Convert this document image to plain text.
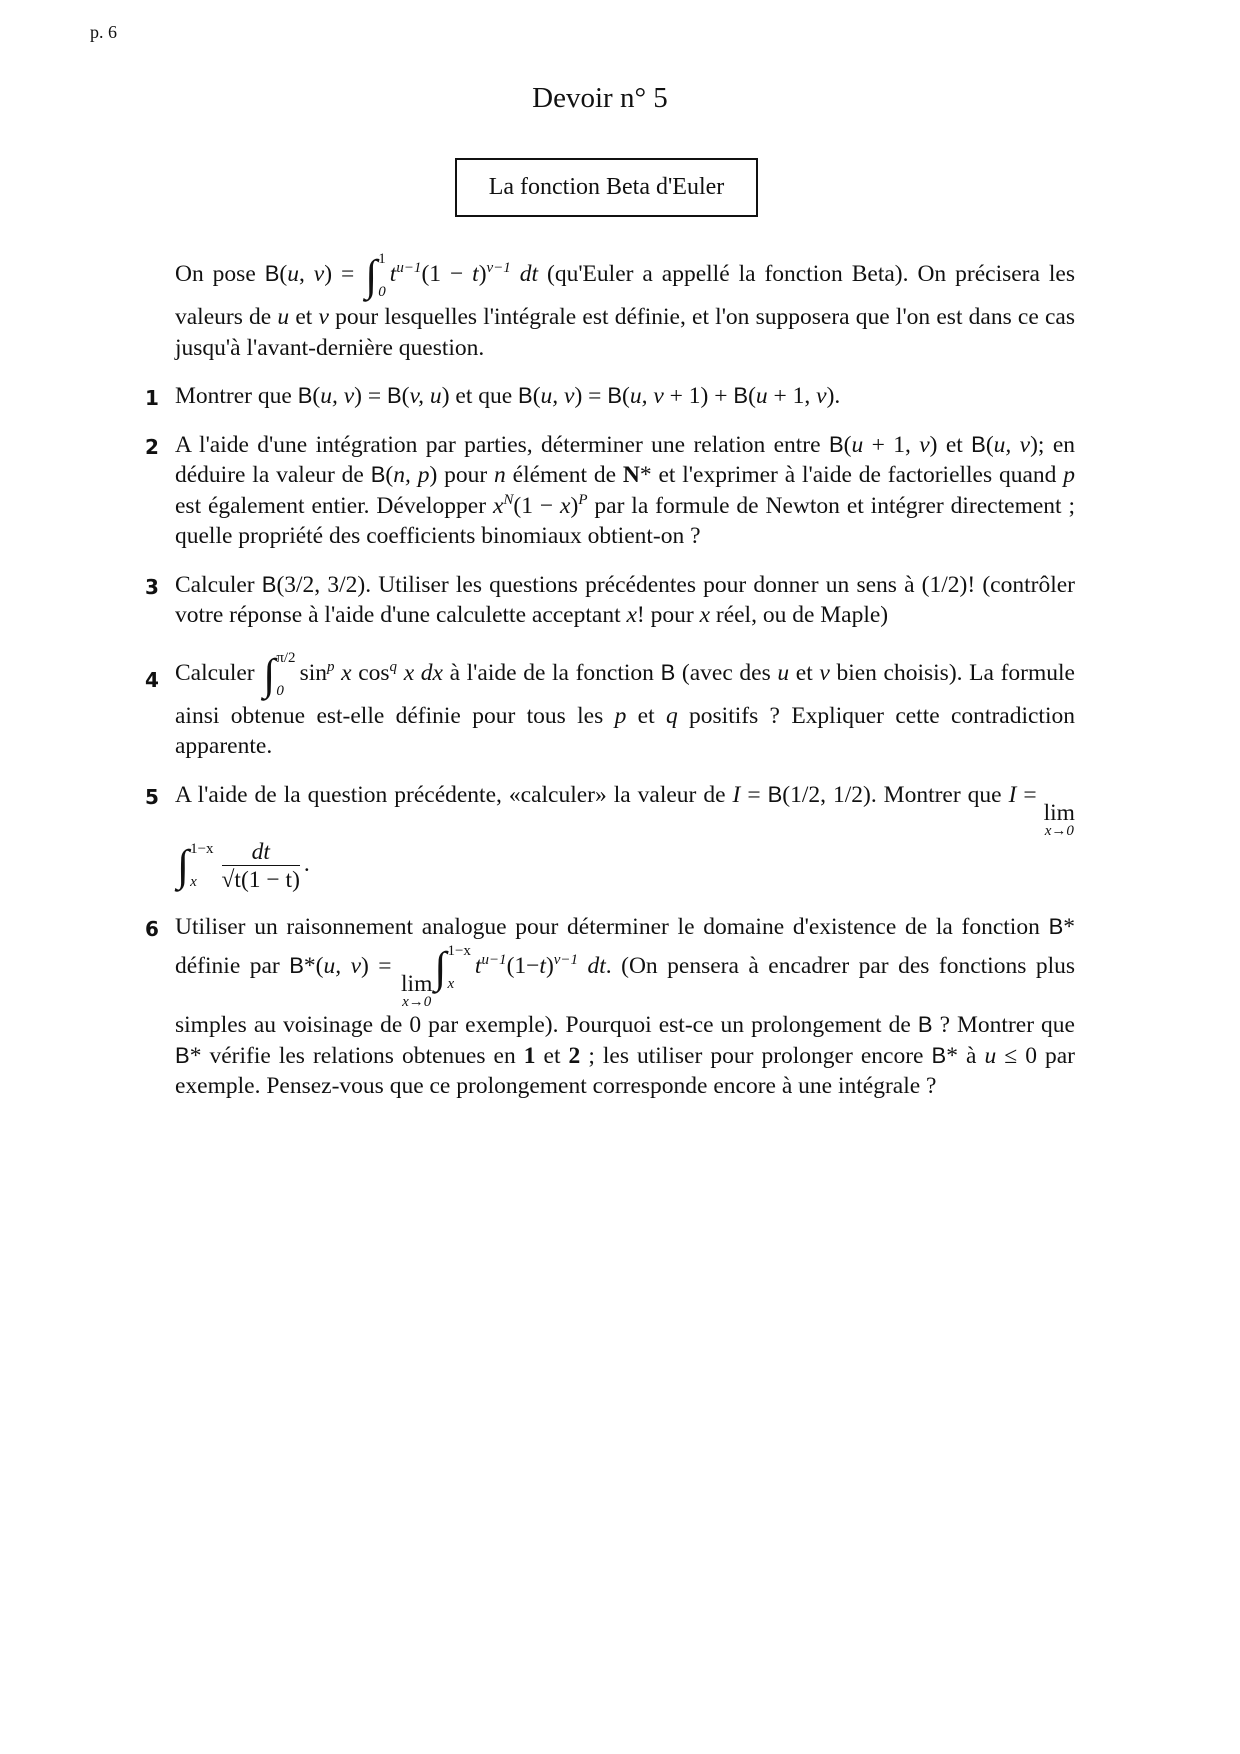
p. 6
Devoir n° 5
La fonction Beta d'Euler
On pose B(u, v) = ∫ 1
0
$t^{u-1}(1 - t)^{v-1}$ dt (qu'Euler a appellé la fonction Beta). On précisera les valeurs de u et v pour lesquelles l'intégrale est définie, et l'on supposera que l'on est dans ce cas jusqu'à l'avant-dernière question.
1 Montrer que B(u, v) = B(v, u) et que B(u, v) = B(u, v + 1) + B(u + 1, v).
2 A l'aide d'une intégration par parties, déterminer une relation entre B(u + 1, v) et B(u, v); en déduire la valeur de B(n, p) pour n élément de N* et l'exprimer à l'aide de factorielles quand p est également entier. Développer $x^N(1 - x)^P$ par la formule de Newton et intégrer directement ; quelle propriété des coefficients binomiaux obtient-on ?
3 Calculer B(3/2, 3/2). Utiliser les questions précédentes pour donner un sens à (1/2)! (contrôler votre réponse à l'aide d'une calculette acceptant x! pour x réel, ou de Maple)
4 Calculer ∫ π/2
0
$\sin^p x$ $\cos^q x$ dx à l'aide de la fonction B (avec des u et v bien choisis). La formule ainsi obtenue est-elle définie pour tous les p et q positifs ? Expliquer cette contradiction apparente.
5 A l'aide de la question précédente, «calculer» la valeur de I = B(1/2, 1/2). Montrer que I =
lim
x→0
∫ 1−x
x	$\frac{dt}{√t(1 - t)}$ .
6 Utiliser un raisonnement analogue pour déterminer le domaine d'existence de la fonction B* définie par B*(u, v) =
lim
x→0
∫ 1−x
x
$t^{u-1}(1-t)^{v-1}$ dt. (On pensera à encadrer par des fonctions plus simples au voisinage de 0 par exemple). Pourquoi est-ce un prolongement de B ? Montrer que B* vérifie les relations obtenues en 1 et 2 ; les utiliser pour prolonger encore B* à u ≤ 0 par exemple. Pensez-vous que ce prolongement corresponde encore à une intégrale ?
